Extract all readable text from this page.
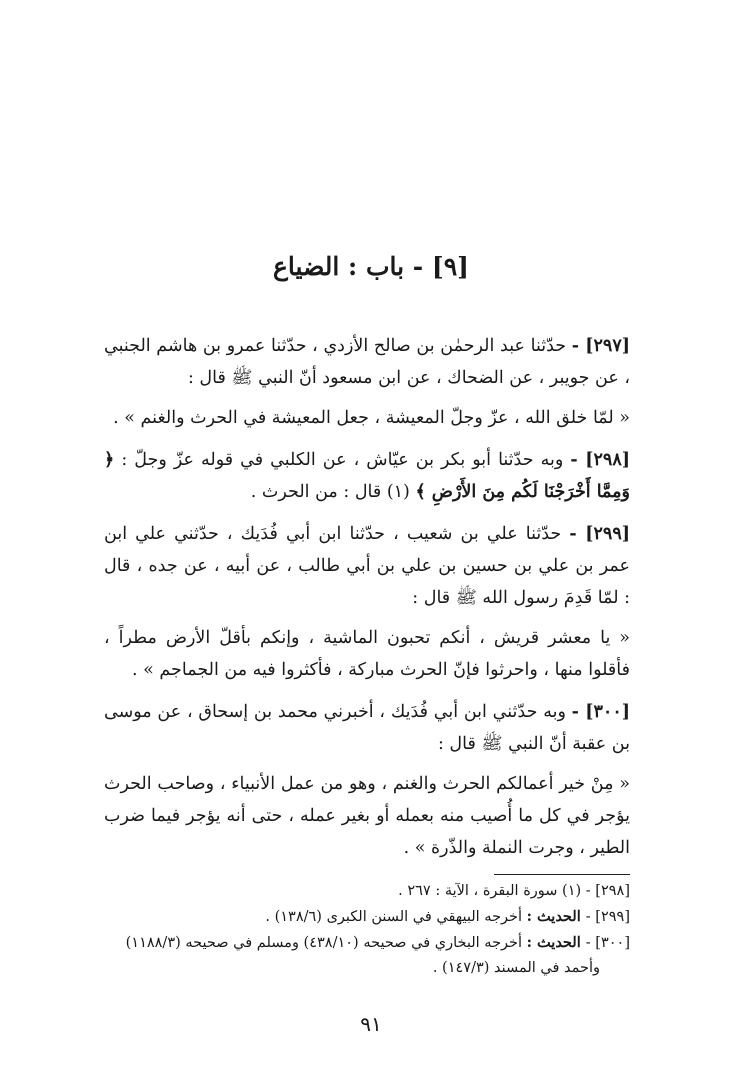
[٩] - باب : الضياع

[٢٩٧] - حدّثنا عبد الرحمٰن بن صالح الأزدي ، حدّثنا عمرو بن هاشم الجنبي ، عن جويبر ، عن الضحاك ، عن ابن مسعود أنّ النبي ﷺ قال :

« لمّا خلق الله ، عزّ وجلّ المعيشة ، جعل المعيشة في الحرث والغنم » .

[٢٩٨] - وبه حدّثنا أبو بكر بن عيّاش ، عن الكلبي في قوله عزّ وجلّ : ﴿ وَمِمَّا أَخْرَجْنَا لَكُم مِنَ الأَرْضِ ﴾ (١) قال : من الحرث .

[٢٩٩] - حدّثنا علي بن شعيب ، حدّثنا ابن أبي فُدَيك ، حدّثني علي ابن عمر بن علي بن حسين بن علي بن أبي طالب ، عن أبيه ، عن جده ، قال : لمّا قَدِمَ رسول الله ﷺ قال :

« يا معشر قريش ، أنكم تحبون الماشية ، وإنكم بأقلّ الأرض مطراً ، فأقلوا منها ، واحرثوا فإنّ الحرث مباركة ، فأكثروا فيه من الجماجم » .

[٣٠٠] - وبه حدّثني ابن أبي فُدَيك ، أخبرني محمد بن إسحاق ، عن موسى بن عقبة أنّ النبي ﷺ قال :

« مِنْ خير أعمالكم الحرث والغنم ، وهو من عمل الأنبياء ، وصاحب الحرث يؤجر في كل ما أُصيب منه بعمله أو بغير عمله ، حتى أنه يؤجر فيما ضرب الطير ، وجرت النملة والذّرة » .

[٢٩٨] - (١) سورة البقرة ، الآية : ٢٦٧ .

[٢٩٩] - الحديث : أخرجه البيهقي في السنن الكبرى (١٣٨/٦) .

[٣٠٠] - الحديث : أخرجه البخاري في صحيحه (٤٣٨/١٠) ومسلم في صحيحه (١١٨٨/٣)

وأحمد في المسند (١٤٧/٣) .

٩١
